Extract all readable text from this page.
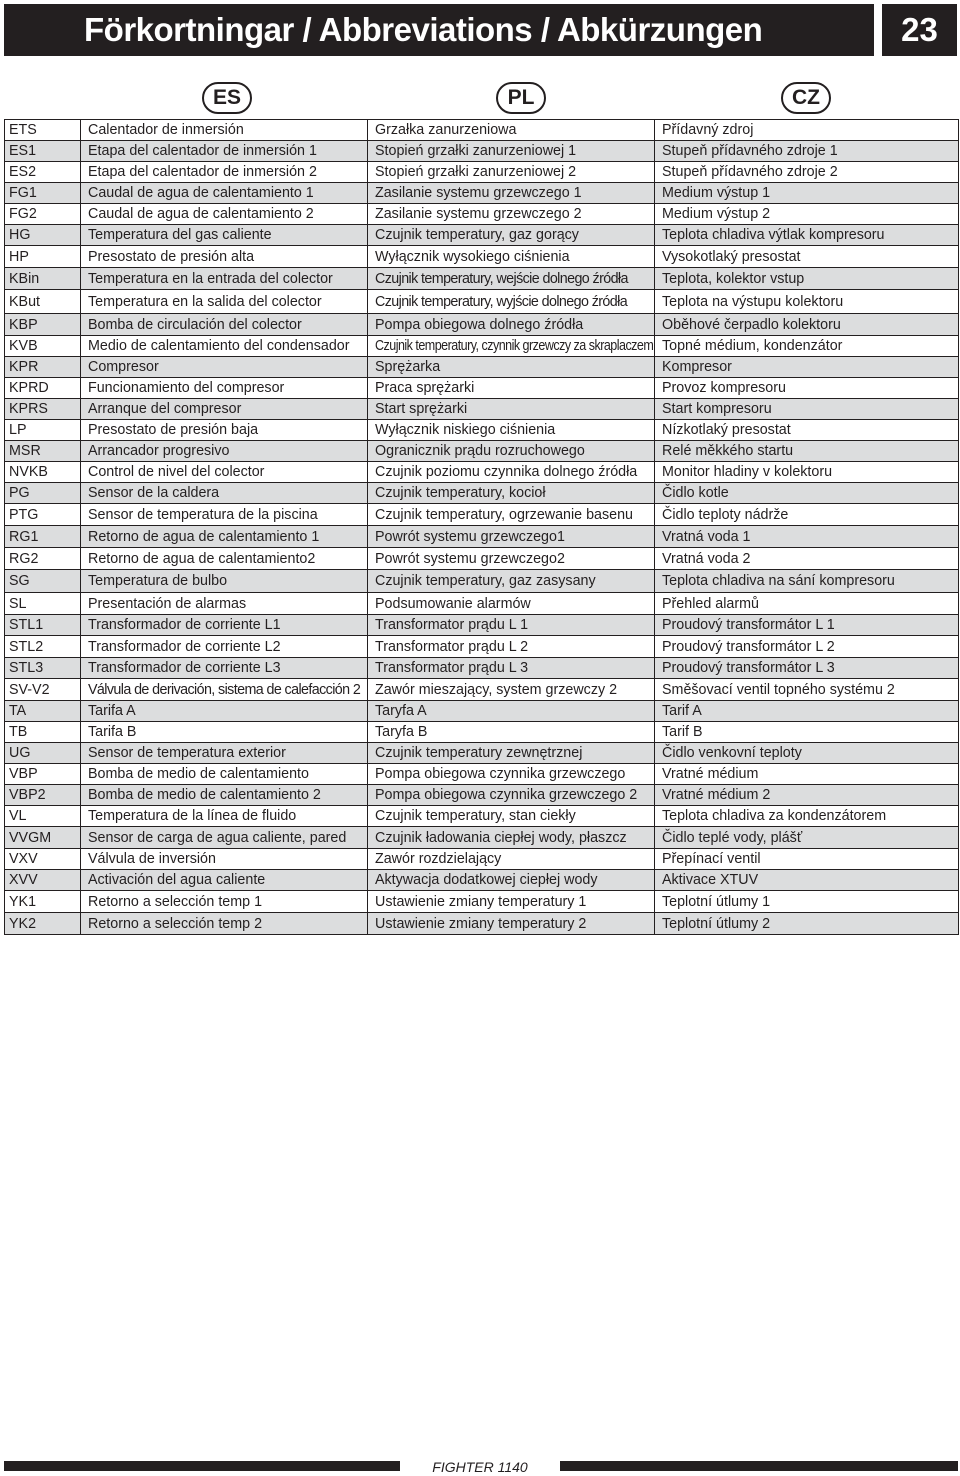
Förkortningar / Abbreviations / Abkürzungen	23
ES	PL	CZ
ETS	Calentador de inmersión	Grzałka zanurzeniowa	Přídavný zdroj
ES1	Etapa del calentador de inmersión 1	Stopień grzałki zanurzeniowej 1	Stupeň přídavného zdroje 1
ES2	Etapa del calentador de inmersión 2	Stopień grzałki zanurzeniowej 2	Stupeň přídavného zdroje 2
FG1	Caudal de agua de calentamiento 1	Zasilanie systemu grzewczego 1	Medium výstup 1
FG2	Caudal de agua de calentamiento 2	Zasilanie systemu grzewczego 2	Medium výstup 2
HG	Temperatura del gas caliente	Czujnik temperatury, gaz gorący	Teplota chladiva výtlak kompresoru
HP	Presostato de presión alta	Wyłącznik wysokiego ciśnienia	Vysokotlaký presostat
KBin	Temperatura en la entrada del colector	Czujnik temperatury, wejście dolnego źródła	Teplota, kolektor vstup
KBut	Temperatura en la salida del colector	Czujnik temperatury, wyjście dolnego źródła	Teplota na výstupu kolektoru
KBP	Bomba de circulación del colector	Pompa obiegowa dolnego źródła	Oběhové čerpadlo kolektoru
KVB	Medio de calentamiento del condensador	Czujnik temperatury, czynnik grzewczy za skraplaczem	Topné médium, kondenzátor
KPR	Compresor	Sprężarka	Kompresor
KPRD	Funcionamiento del compresor	Praca sprężarki	Provoz kompresoru
KPRS	Arranque del compresor	Start sprężarki	Start kompresoru
LP	Presostato de presión baja	Wyłącznik niskiego ciśnienia	Nízkotlaký presostat
MSR	Arrancador progresivo	Ogranicznik prądu rozruchowego	Relé měkkého startu
NVKB	Control de nivel del colector	Czujnik poziomu czynnika dolnego źródła	Monitor hladiny v kolektoru
PG	Sensor de la caldera	Czujnik temperatury, kocioł	Čidlo kotle
PTG	Sensor de temperatura de la piscina	Czujnik temperatury, ogrzewanie basenu	Čidlo teploty nádrže
RG1	Retorno de agua de calentamiento 1	Powrót systemu grzewczego1	Vratná voda 1
RG2	Retorno de agua de calentamiento2	Powrót systemu grzewczego2	Vratná voda 2
SG	Temperatura de bulbo	Czujnik temperatury, gaz zasysany	Teplota chladiva na sání kompresoru
SL	Presentación de alarmas	Podsumowanie alarmów	Přehled alarmů
STL1	Transformador de corriente L1	Transformator prądu L 1	Proudový transformátor L 1
STL2	Transformador de corriente L2	Transformator prądu L 2	Proudový transformátor L 2
STL3	Transformador de corriente L3	Transformator prądu L 3	Proudový transformátor L 3
SV-V2	Válvula de derivación, sistema de calefacción 2	Zawór mieszający, system grzewczy 2	Směšovací ventil topného systému 2
TA	Tarifa A	Taryfa A	Tarif A
TB	Tarifa B	Taryfa B	Tarif B
UG	Sensor de temperatura exterior	Czujnik temperatury zewnętrznej	Čidlo venkovní teploty
VBP	Bomba de medio de calentamiento	Pompa obiegowa czynnika grzewczego	Vratné médium
VBP2	Bomba de medio de calentamiento 2	Pompa obiegowa czynnika grzewczego 2	Vratné médium 2
VL	Temperatura de la línea de fluido	Czujnik temperatury, stan ciekły	Teplota chladiva za kondenzátorem
VVGM	Sensor de carga de agua caliente, pared	Czujnik ładowania ciepłej wody, płaszcz	Čidlo teplé vody, plášť
VXV	Válvula de inversión	Zawór rozdzielający	Přepínací ventil
XVV	Activación del agua caliente	Aktywacja dodatkowej ciepłej wody	Aktivace XTUV
YK1	Retorno a selección temp 1	Ustawienie zmiany temperatury 1	Teplotní útlumy 1
YK2	Retorno a selección temp 2	Ustawienie zmiany temperatury 2	Teplotní útlumy 2
FIGHTER 1140
